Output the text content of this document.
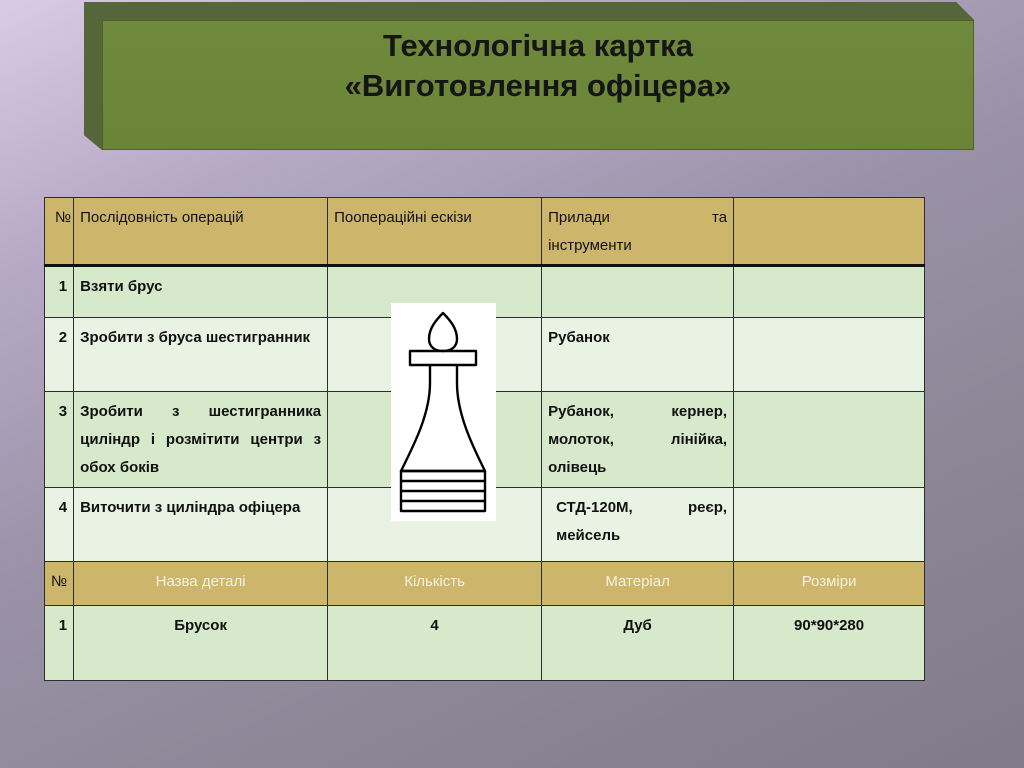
Технологічна картка
«Виготовлення офіцера»
№	Послідовність операцій	Поопераційні ескізи	Прилади та
інструменти	

1	Взяти брус			
2	Зробити з бруса шестигранник		Рубанок	
3	Зробити з шестигранника циліндр і розмітити центри з обох боків		Рубанок, кернер, молоток, лінійка, олівець	
4	Виточити з циліндра офіцера		СТД-120М, реєр, мейсель	
№	Назва деталі	Кількість	Матеріал	Розміри
1	Брусок	4	Дуб	90*90*280
